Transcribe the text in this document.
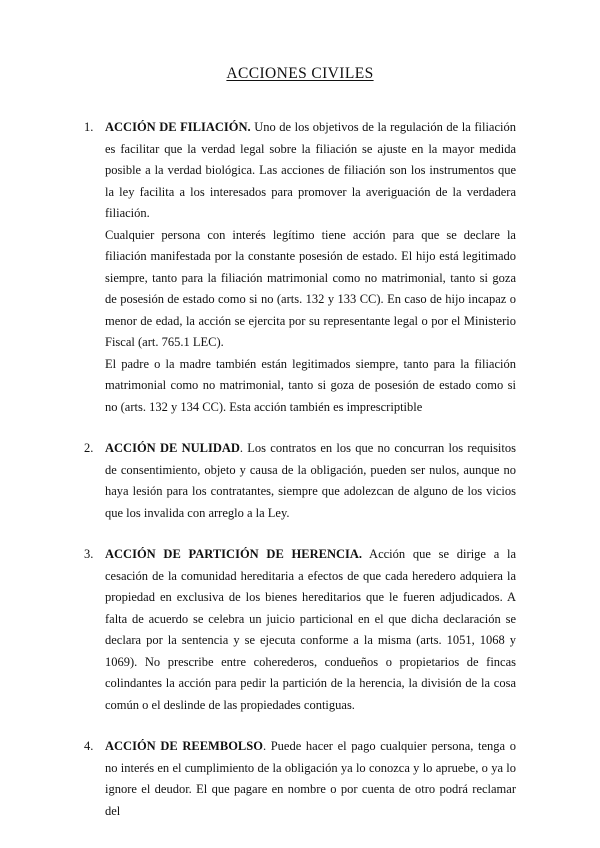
ACCIONES CIVILES
1. ACCIÓN DE FILIACIÓN. Uno de los objetivos de la regulación de la filiación es facilitar que la verdad legal sobre la filiación se ajuste en la mayor medida posible a la verdad biológica. Las acciones de filiación son los instrumentos que la ley facilita a los interesados para promover la averiguación de la verdadera filiación.

Cualquier persona con interés legítimo tiene acción para que se declare la filiación manifestada por la constante posesión de estado. El hijo está legitimado siempre, tanto para la filiación matrimonial como no matrimonial, tanto si goza de posesión de estado como si no (arts. 132 y 133 CC). En caso de hijo incapaz o menor de edad, la acción se ejercita por su representante legal o por el Ministerio Fiscal (art. 765.1 LEC).

El padre o la madre también están legitimados siempre, tanto para la filiación matrimonial como no matrimonial, tanto si goza de posesión de estado como si no (arts. 132 y 134 CC). Esta acción también es imprescriptible

2. ACCIÓN DE NULIDAD. Los contratos en los que no concurran los requisitos de consentimiento, objeto y causa de la obligación, pueden ser nulos, aunque no haya lesión para los contratantes, siempre que adolezcan de alguno de los vicios que los invalida con arreglo a la Ley.

3. ACCIÓN DE PARTICIÓN DE HERENCIA. Acción que se dirige a la cesación de la comunidad hereditaria a efectos de que cada heredero adquiera la propiedad en exclusiva de los bienes hereditarios que le fueren adjudicados. A falta de acuerdo se celebra un juicio particional en el que dicha declaración se declara por la sentencia y se ejecuta conforme a la misma (arts. 1051, 1068 y 1069). No prescribe entre coherederos, condueños o propietarios de fincas colindantes la acción para pedir la partición de la herencia, la división de la cosa común o el deslinde de las propiedades contiguas.

4. ACCIÓN DE REEMBOLSO. Puede hacer el pago cualquier persona, tenga o no interés en el cumplimiento de la obligación ya lo conozca y lo apruebe, o ya lo ignore el deudor. El que pagare en nombre o por cuenta de otro podrá reclamar del
